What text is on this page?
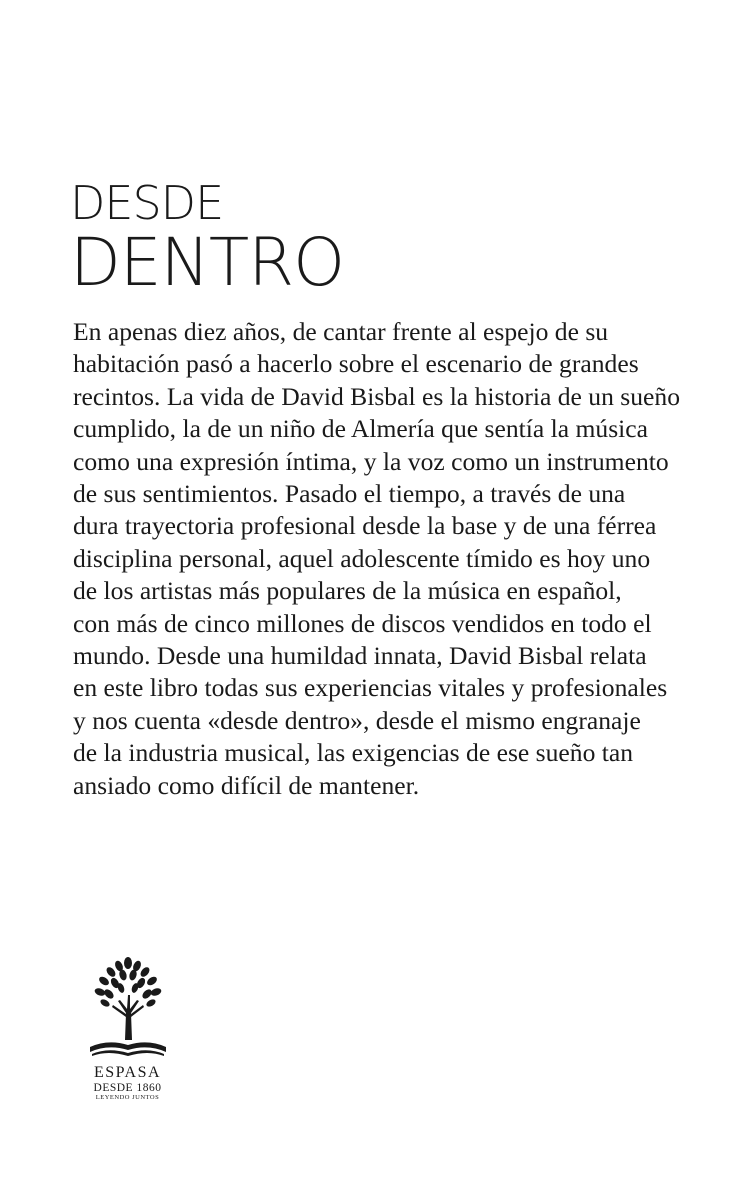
DESDE
DENTRO
En apenas diez años, de cantar frente al espejo de su
habitación pasó a hacerlo sobre el escenario de grandes
recintos. La vida de David Bisbal es la historia de un sueño
cumplido, la de un niño de Almería que sentía la música
como una expresión íntima, y la voz como un instrumento
de sus sentimientos. Pasado el tiempo, a través de una
dura trayectoria profesional desde la base y de una férrea
disciplina personal, aquel adolescente tímido es hoy uno
de los artistas más populares de la música en español,
con más de cinco millones de discos vendidos en todo el
mundo. Desde una humildad innata, David Bisbal relata
en este libro todas sus experiencias vitales y profesionales
y nos cuenta «desde dentro», desde el mismo engranaje
de la industria musical, las exigencias de ese sueño tan
ansiado como difícil de mantener.
ESPASA
DESDE 1860
LEYENDO JUNTOS
